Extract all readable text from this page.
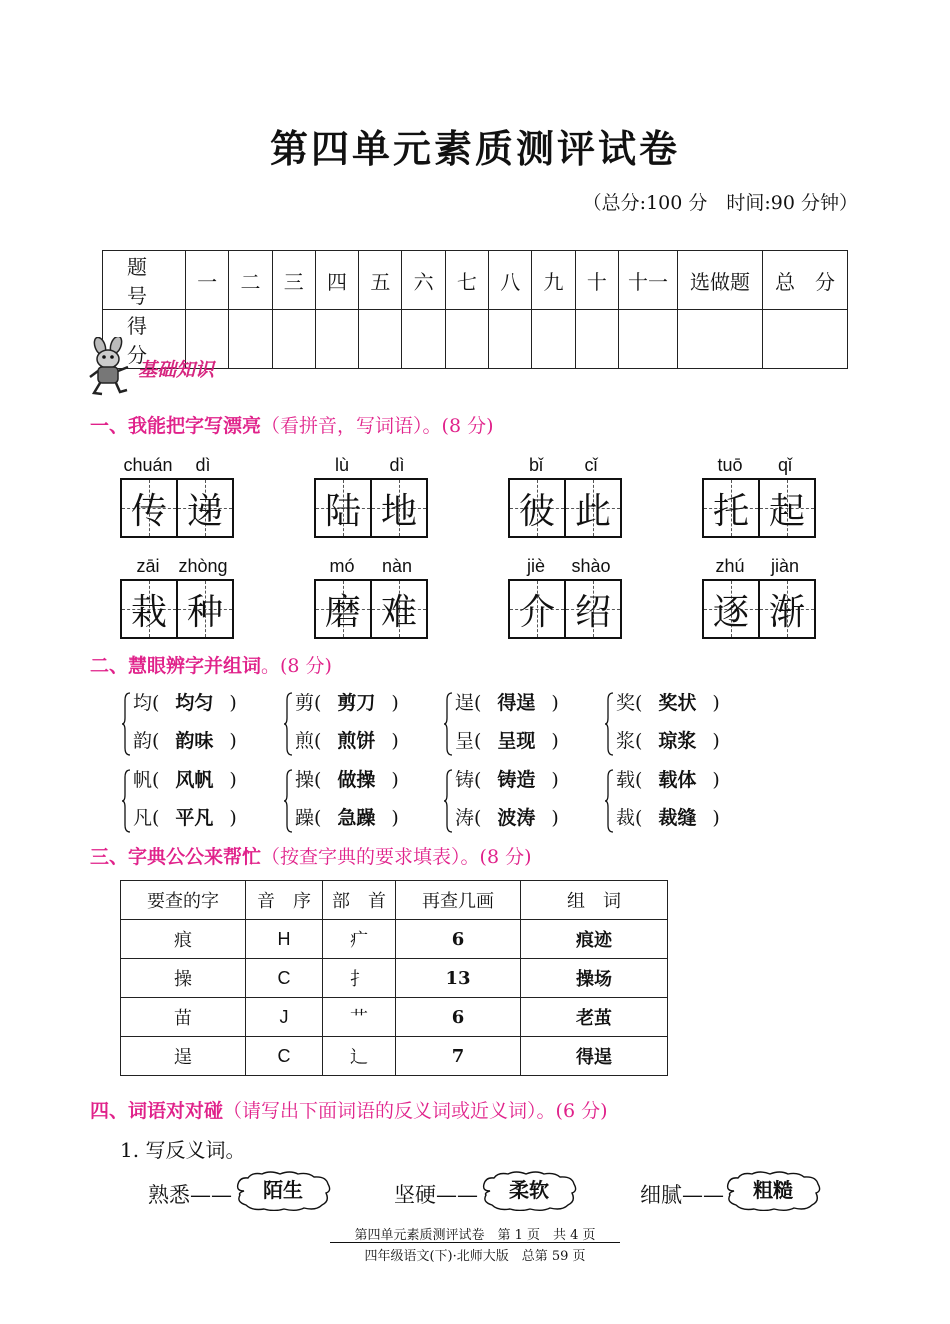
第四单元素质测评试卷
（总分:100 分　时间:90 分钟）
题　号	一	二	三	四	五	六	七	八	九	十	十一	选做题	总　分
得　分													
基础知识
一、我能把字写漂亮（看拼音，写词语）。(8 分)
chuán	dì
传 递
lù	dì
陆 地
bǐ	cǐ
彼 此
tuō	qǐ
托 起
zāi	zhòng
栽 种
mó	nàn
磨 难
jiè	shào
介 绍
zhú	jiàn
逐 渐
二、慧眼辨字并组词。(8 分)
均( 均匀 )
韵( 韵味 )
剪( 剪刀 )
煎( 煎饼 )
逞( 得逞 )
呈( 呈现 )
奖( 奖状 )
浆( 琼浆 )
帆( 风帆 )
凡( 平凡 )
操( 做操 )
躁( 急躁 )
铸( 铸造 )
涛( 波涛 )
载( 载体 )
裁( 裁缝 )
三、字典公公来帮忙（按查字典的要求填表）。(8 分)
要查的字	音　序	部　首	再查几画	组　词
痕	H	疒	6	痕迹
操	C	扌	13	操场
苗	J	艹	6	老茧
逞	C	辶	7	得逞
四、词语对对碰（请写出下面词语的反义词或近义词）。(6 分)
1. 写反义词。
熟悉——	陌生	坚硬——	柔软	细腻——	粗糙
第四单元素质测评试卷　第 1 页　共 4 页
四年级语文(下)·北师大版　总第 59 页
